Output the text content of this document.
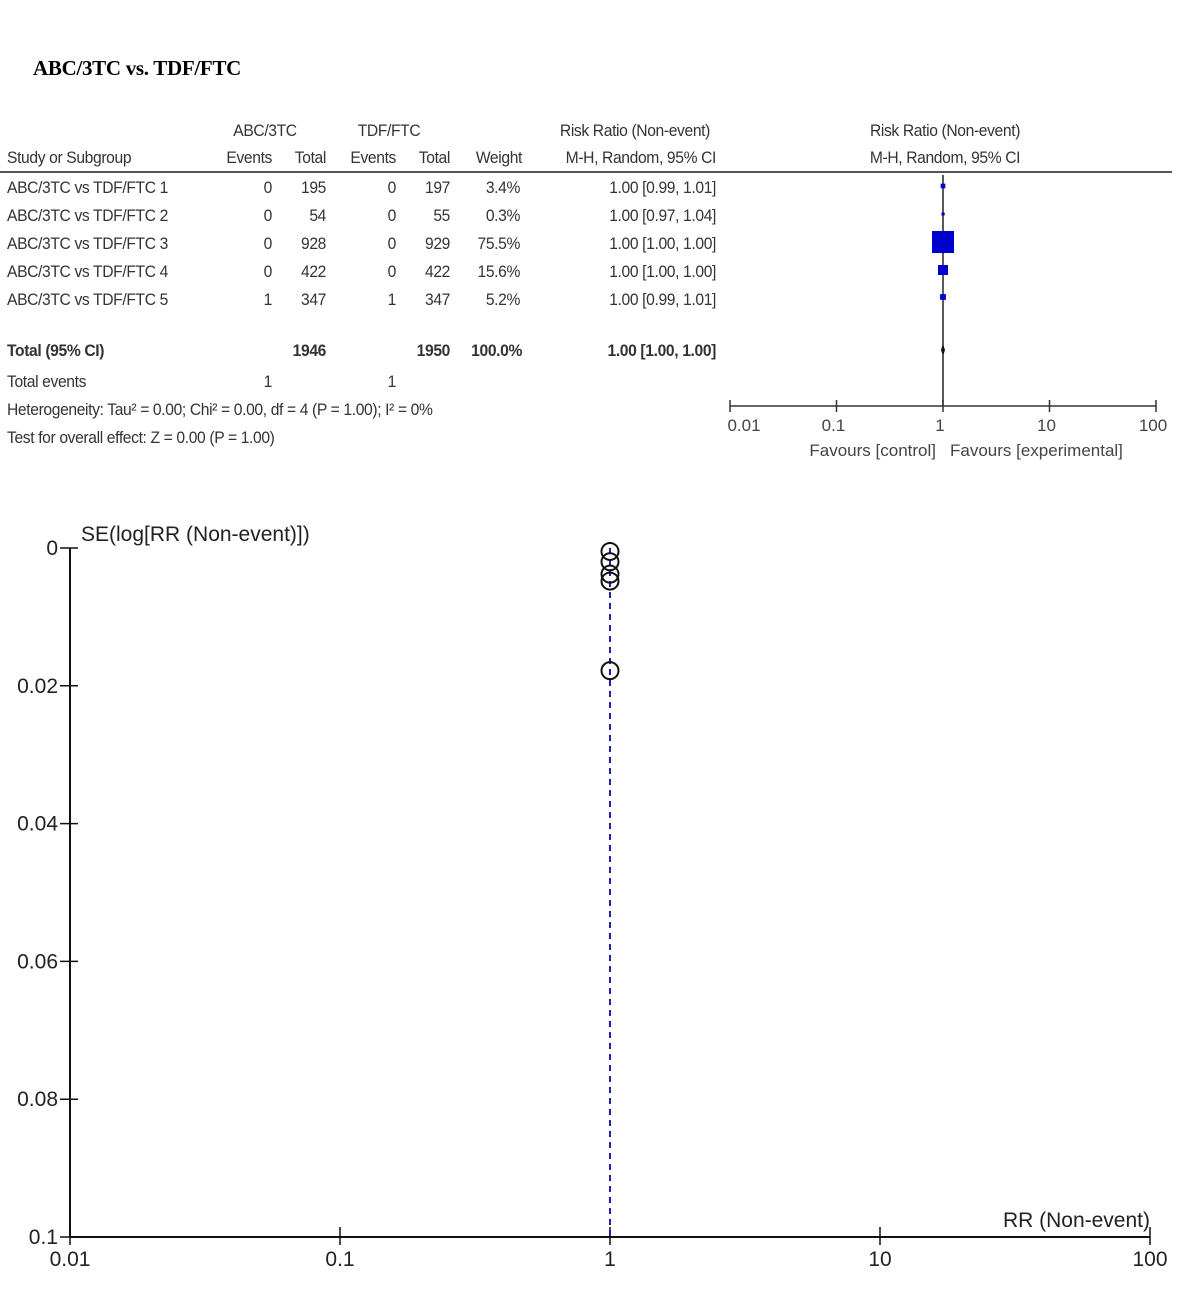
ABC/3TC vs. TDF/FTC
ABC/3TC	TDF/FTC	Risk Ratio (Non-event)	Risk Ratio (Non-event)
Study or Subgroup	Events	Total	Events	Total	Weight	M-H, Random, 95% CI	M-H, Random, 95% CI
ABC/3TC vs TDF/FTC 1	0	195	0	197	3.4%	1.00 [0.99, 1.01]
ABC/3TC vs TDF/FTC 2	0	54	0	55	0.3%	1.00 [0.97, 1.04]
ABC/3TC vs TDF/FTC 3	0	928	0	929	75.5%	1.00 [1.00, 1.00]
ABC/3TC vs TDF/FTC 4	0	422	0	422	15.6%	1.00 [1.00, 1.00]
ABC/3TC vs TDF/FTC 5	1	347	1	347	5.2%	1.00 [0.99, 1.01]
Total (95% CI)	1946	1950	100.0%	1.00 [1.00, 1.00]
Total events	1	1
Heterogeneity: Tau² = 0.00; Chi² = 0.00, df = 4 (P = 1.00); I² = 0%
Test for overall effect: Z = 0.00 (P = 1.00)
0.01	0.1	1	10	100
Favours [control] Favours [experimental]
0
0.02
0.04
0.06
0.08
0.1
0.01	0.1	1	10	100
SE(log[RR (Non-event)])
RR (Non-event)
